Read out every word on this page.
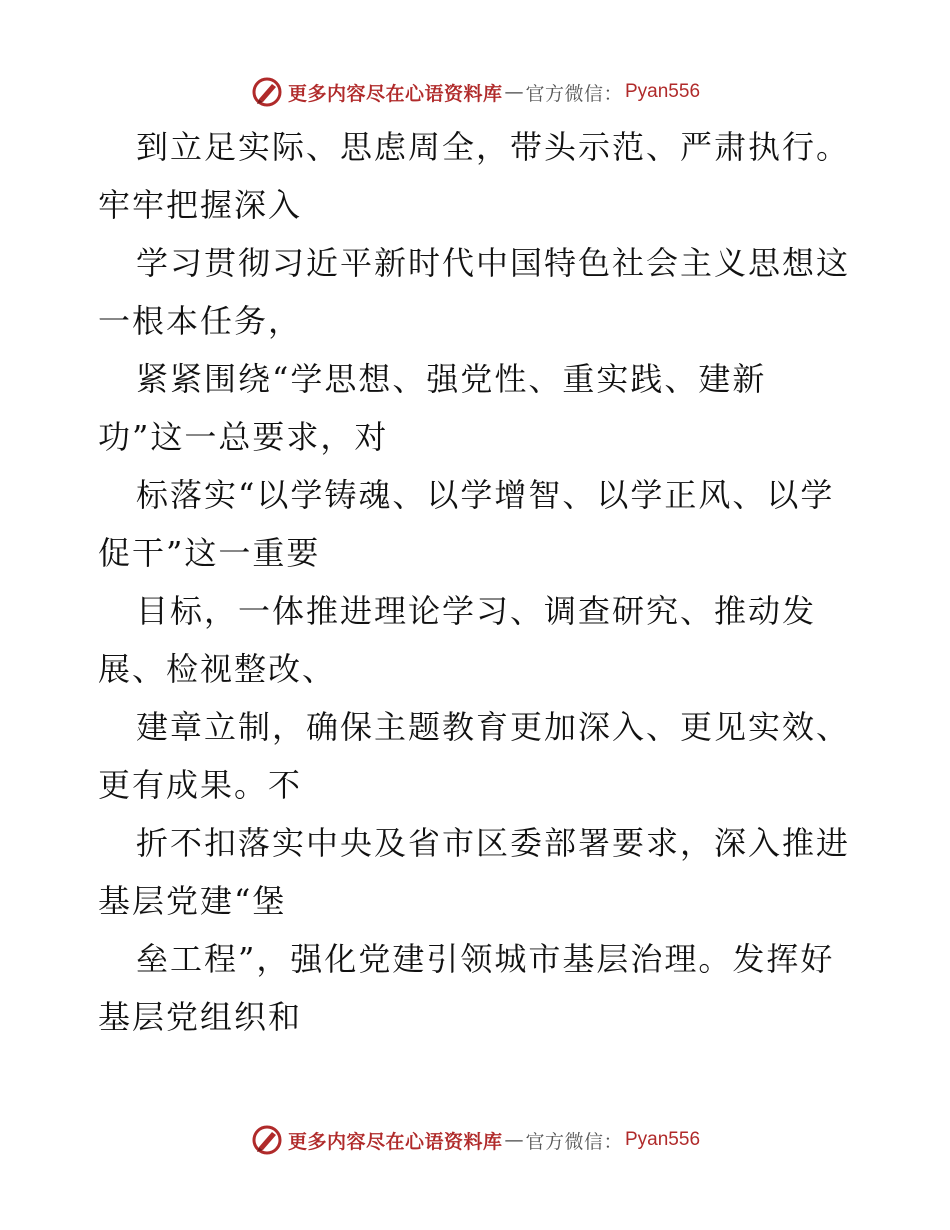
更多内容尽在心语资料库 — 官方微信： Pyan556
到立足实际、思虑周全，带头示范、严肃执行。
牢牢把握深入
学习贯彻习近平新时代中国特色社会主义思想这
一根本任务，
紧紧围绕“学思想、强党性、重实践、建新
功”这一总要求，对
标落实“以学铸魂、以学增智、以学正风、以学
促干”这一重要
目标，一体推进理论学习、调查研究、推动发
展、检视整改、
建章立制，确保主题教育更加深入、更见实效、
更有成果。不
折不扣落实中央及省市区委部署要求，深入推进
基层党建“堡
垒工程”，强化党建引领城市基层治理。发挥好
基层党组织和
更多内容尽在心语资料库 — 官方微信： Pyan556
